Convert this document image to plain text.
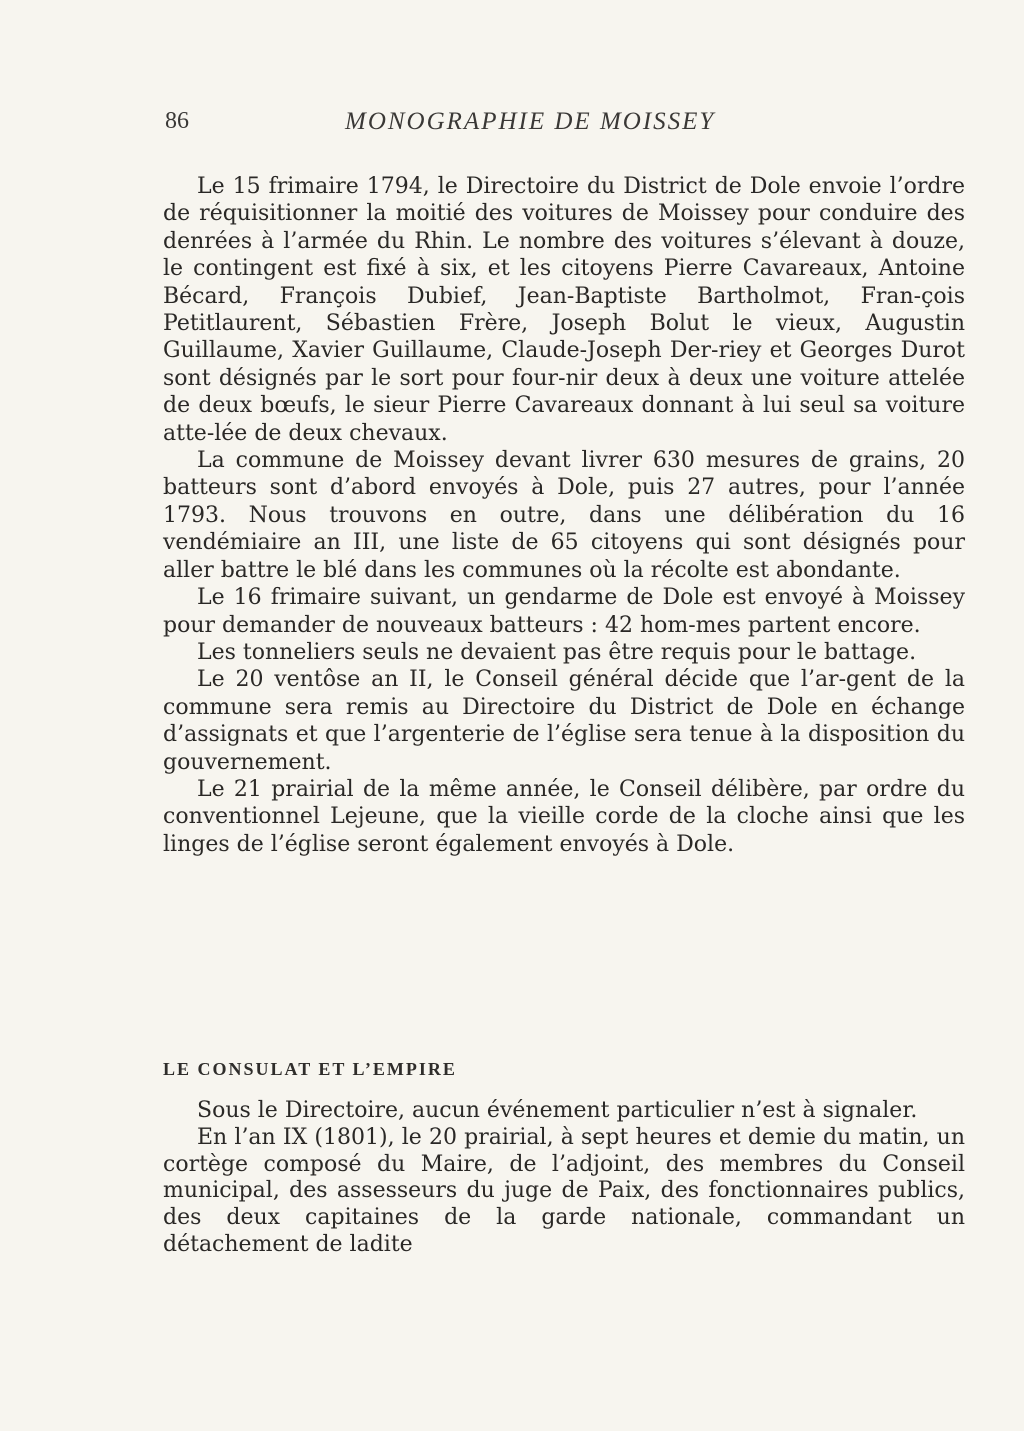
86	MONOGRAPHIE DE MOISSEY

Le 15 frimaire 1794, le Directoire du District de Dole envoie l’ordre de réquisitionner la moitié des voitures de Moissey pour conduire des denrées à l’armée du Rhin. Le nombre des voitures s’élevant à douze, le contingent est fixé à six, et les citoyens Pierre Cavareaux, Antoine Bécard, François Dubief, Jean-Baptiste Bartholmot, Fran-çois Petitlaurent, Sébastien Frère, Joseph Bolut le vieux, Augustin Guillaume, Xavier Guillaume, Claude-Joseph Der-riey et Georges Durot sont désignés par le sort pour four-nir deux à deux une voiture attelée de deux bœufs, le sieur Pierre Cavareaux donnant à lui seul sa voiture atte-lée de deux chevaux.

La commune de Moissey devant livrer 630 mesures de grains, 20 batteurs sont d’abord envoyés à Dole, puis 27 autres, pour l’année 1793. Nous trouvons en outre, dans une délibération du 16 vendémiaire an III, une liste de 65 citoyens qui sont désignés pour aller battre le blé dans les communes où la récolte est abondante.

Le 16 frimaire suivant, un gendarme de Dole est envoyé à Moissey pour demander de nouveaux batteurs : 42 hom-mes partent encore.

Les tonneliers seuls ne devaient pas être requis pour le battage.

Le 20 ventôse an II, le Conseil général décide que l’ar-gent de la commune sera remis au Directoire du District de Dole en échange d’assignats et que l’argenterie de l’église sera tenue à la disposition du gouvernement.

Le 21 prairial de la même année, le Conseil délibère, par ordre du conventionnel Lejeune, que la vieille corde de la cloche ainsi que les linges de l’église seront également envoyés à Dole.

LE CONSULAT ET L’EMPIRE

Sous le Directoire, aucun événement particulier n’est à signaler.

En l’an IX (1801), le 20 prairial, à sept heures et demie du matin, un cortège composé du Maire, de l’adjoint, des membres du Conseil municipal, des assesseurs du juge de Paix, des fonctionnaires publics, des deux capitaines de la garde nationale, commandant un détachement de ladite
